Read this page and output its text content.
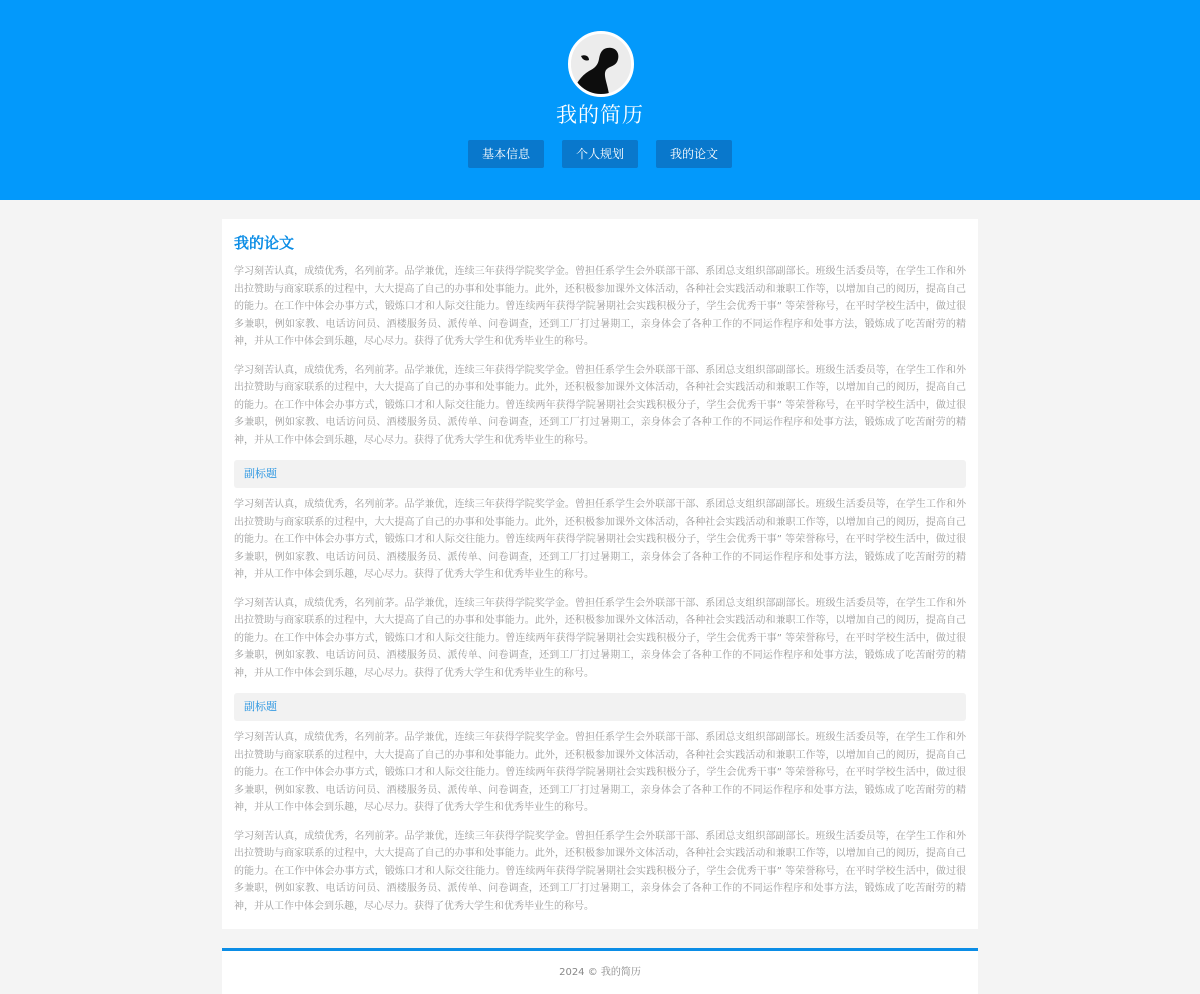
我的简历
基本信息	个人规划	我的论文
我的论文

学习刻苦认真，成绩优秀，名列前茅。品学兼优，连续三年获得学院奖学金。曾担任系学生会外联部干部、系团总支组织部副部长。班级生活委员等，在学生工作和外出拉赞助与商家联系的过程中，大大提高了自己的办事和处事能力。此外，还积极参加课外文体活动，各种社会实践活动和兼职工作等，以增加自己的阅历，提高自己的能力。在工作中体会办事方式，锻炼口才和人际交往能力。曾连续两年获得学院暑期社会实践积极分子，学生会优秀干事” 等荣誉称号，在平时学校生活中，做过很多兼职，例如家教、电话访问员、酒楼服务员、派传单、问卷调查，还到工厂打过暑期工，亲身体会了各种工作的不同运作程序和处事方法，锻炼成了吃苦耐劳的精神，并从工作中体会到乐趣，尽心尽力。获得了优秀大学生和优秀毕业生的称号。

学习刻苦认真，成绩优秀，名列前茅。品学兼优，连续三年获得学院奖学金。曾担任系学生会外联部干部、系团总支组织部副部长。班级生活委员等，在学生工作和外出拉赞助与商家联系的过程中，大大提高了自己的办事和处事能力。此外，还积极参加课外文体活动，各种社会实践活动和兼职工作等，以增加自己的阅历，提高自己的能力。在工作中体会办事方式，锻炼口才和人际交往能力。曾连续两年获得学院暑期社会实践积极分子，学生会优秀干事” 等荣誉称号，在平时学校生活中，做过很多兼职，例如家教、电话访问员、酒楼服务员、派传单、问卷调查，还到工厂打过暑期工，亲身体会了各种工作的不同运作程序和处事方法，锻炼成了吃苦耐劳的精神，并从工作中体会到乐趣，尽心尽力。获得了优秀大学生和优秀毕业生的称号。

副标题

学习刻苦认真，成绩优秀，名列前茅。品学兼优，连续三年获得学院奖学金。曾担任系学生会外联部干部、系团总支组织部副部长。班级生活委员等，在学生工作和外出拉赞助与商家联系的过程中，大大提高了自己的办事和处事能力。此外，还积极参加课外文体活动，各种社会实践活动和兼职工作等，以增加自己的阅历，提高自己的能力。在工作中体会办事方式，锻炼口才和人际交往能力。曾连续两年获得学院暑期社会实践积极分子，学生会优秀干事” 等荣誉称号，在平时学校生活中，做过很多兼职，例如家教、电话访问员、酒楼服务员、派传单、问卷调查，还到工厂打过暑期工，亲身体会了各种工作的不同运作程序和处事方法，锻炼成了吃苦耐劳的精神，并从工作中体会到乐趣，尽心尽力。获得了优秀大学生和优秀毕业生的称号。

学习刻苦认真，成绩优秀，名列前茅。品学兼优，连续三年获得学院奖学金。曾担任系学生会外联部干部、系团总支组织部副部长。班级生活委员等，在学生工作和外出拉赞助与商家联系的过程中，大大提高了自己的办事和处事能力。此外，还积极参加课外文体活动，各种社会实践活动和兼职工作等，以增加自己的阅历，提高自己的能力。在工作中体会办事方式，锻炼口才和人际交往能力。曾连续两年获得学院暑期社会实践积极分子，学生会优秀干事” 等荣誉称号，在平时学校生活中，做过很多兼职，例如家教、电话访问员、酒楼服务员、派传单、问卷调查，还到工厂打过暑期工，亲身体会了各种工作的不同运作程序和处事方法，锻炼成了吃苦耐劳的精神，并从工作中体会到乐趣，尽心尽力。获得了优秀大学生和优秀毕业生的称号。

副标题

学习刻苦认真，成绩优秀，名列前茅。品学兼优，连续三年获得学院奖学金。曾担任系学生会外联部干部、系团总支组织部副部长。班级生活委员等，在学生工作和外出拉赞助与商家联系的过程中，大大提高了自己的办事和处事能力。此外，还积极参加课外文体活动，各种社会实践活动和兼职工作等，以增加自己的阅历，提高自己的能力。在工作中体会办事方式，锻炼口才和人际交往能力。曾连续两年获得学院暑期社会实践积极分子，学生会优秀干事” 等荣誉称号，在平时学校生活中，做过很多兼职，例如家教、电话访问员、酒楼服务员、派传单、问卷调查，还到工厂打过暑期工，亲身体会了各种工作的不同运作程序和处事方法，锻炼成了吃苦耐劳的精神，并从工作中体会到乐趣，尽心尽力。获得了优秀大学生和优秀毕业生的称号。

学习刻苦认真，成绩优秀，名列前茅。品学兼优，连续三年获得学院奖学金。曾担任系学生会外联部干部、系团总支组织部副部长。班级生活委员等，在学生工作和外出拉赞助与商家联系的过程中，大大提高了自己的办事和处事能力。此外，还积极参加课外文体活动，各种社会实践活动和兼职工作等，以增加自己的阅历，提高自己的能力。在工作中体会办事方式，锻炼口才和人际交往能力。曾连续两年获得学院暑期社会实践积极分子，学生会优秀干事” 等荣誉称号，在平时学校生活中，做过很多兼职，例如家教、电话访问员、酒楼服务员、派传单、问卷调查，还到工厂打过暑期工，亲身体会了各种工作的不同运作程序和处事方法，锻炼成了吃苦耐劳的精神，并从工作中体会到乐趣，尽心尽力。获得了优秀大学生和优秀毕业生的称号。

2024 © 我的简历
